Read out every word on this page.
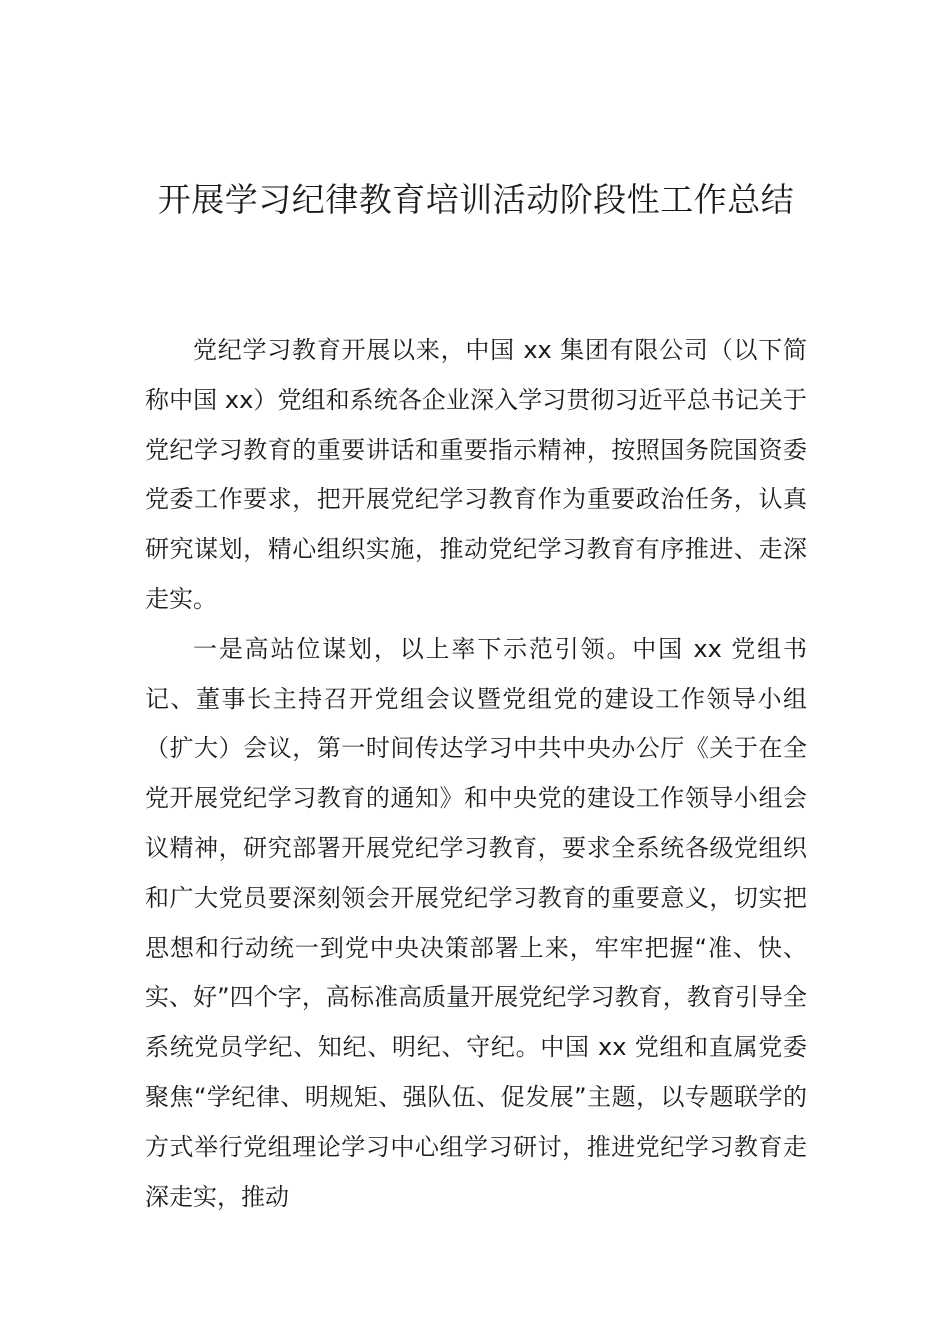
开展学习纪律教育培训活动阶段性工作总结

党纪学习教育开展以来，中国 xx 集团有限公司（以下简称中国 xx）党组和系统各企业深入学习贯彻习近平总书记关于党纪学习教育的重要讲话和重要指示精神，按照国务院国资委党委工作要求，把开展党纪学习教育作为重要政治任务，认真研究谋划，精心组织实施，推动党纪学习教育有序推进、走深走实。

一是高站位谋划，以上率下示范引领。中国 xx 党组书记、董事长主持召开党组会议暨党组党的建设工作领导小组（扩大）会议，第一时间传达学习中共中央办公厅《关于在全党开展党纪学习教育的通知》和中央党的建设工作领导小组会议精神，研究部署开展党纪学习教育，要求全系统各级党组织和广大党员要深刻领会开展党纪学习教育的重要意义，切实把思想和行动统一到党中央决策部署上来，牢牢把握“准、快、实、好”四个字，高标准高质量开展党纪学习教育，教育引导全系统党员学纪、知纪、明纪、守纪。中国 xx 党组和直属党委聚焦“学纪律、明规矩、强队伍、促发展”主题，以专题联学的方式举行党组理论学习中心组学习研讨，推进党纪学习教育走深走实，推动
